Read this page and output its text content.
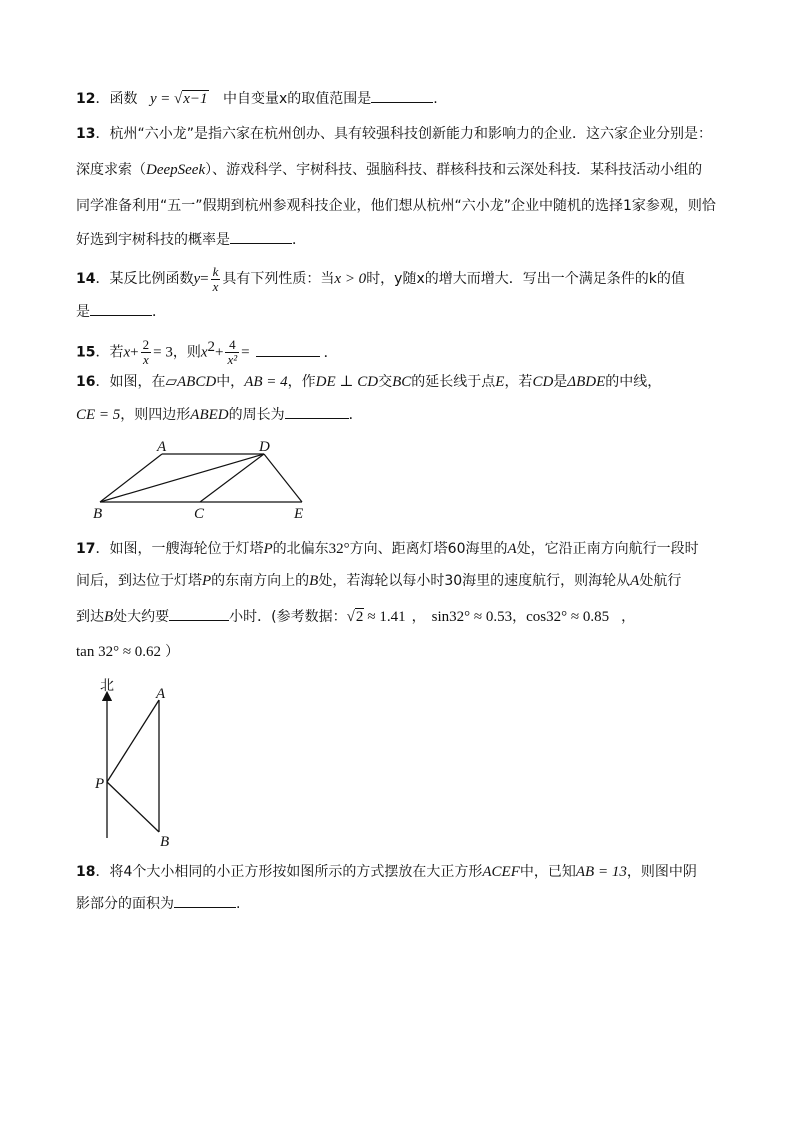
12．函数 y = √x−1 中自变量x的取值范围是	.
13．杭州“六小龙”是指六家在杭州创办、具有较强科技创新能力和影响力的企业．这六家企业分别是：
深度求索（DeepSeek）、游戏科学、宇树科技、强脑科技、群核科技和云深处科技．某科技活动小组的
同学准备利用“五一”假期到杭州参观科技企业，他们想从杭州“六小龙”企业中随机的选择1家参观，则恰
好选到宇树科技的概率是	．
14．某反比例函数$y= \frac{k}{x}$ 具有下列性质：当x > 0时，y随x的增大而增大．写出一个满足条件的k的值
是	．
15．若$x+ \frac{2}{x} = 3$，则$x^2+ \frac{4}{\text{x²}}$ =	．
16．如图，在▱ABCD中，AB = 4，作DE ⊥ CD交BC的延长线于点E，若CD是ΔBDE的中线，
CE = 5，则四边形ABED的周长为	．
A	D
B	C	E
17．如图，一艘海轮位于灯塔P的北偏东32°方向、距离灯塔60海里的A处，它沿正南方向航行一段时
间后，到达位于灯塔P的东南方向上的B处，若海轮以每小时30海里的速度航行，则海轮从A处航行
到达B处大约要	小时．(参考数据：√2 ≈ 1.41 ， sin32° ≈ 0.53，cos32° ≈ 0.85 ，
tan 32° ≈ 0.62 ）
北	A
P
B
18．将4个大小相同的小正方形按如图所示的方式摆放在大正方形ACEF中，已知AB = 13，则图中阴
影部分的面积为	.
